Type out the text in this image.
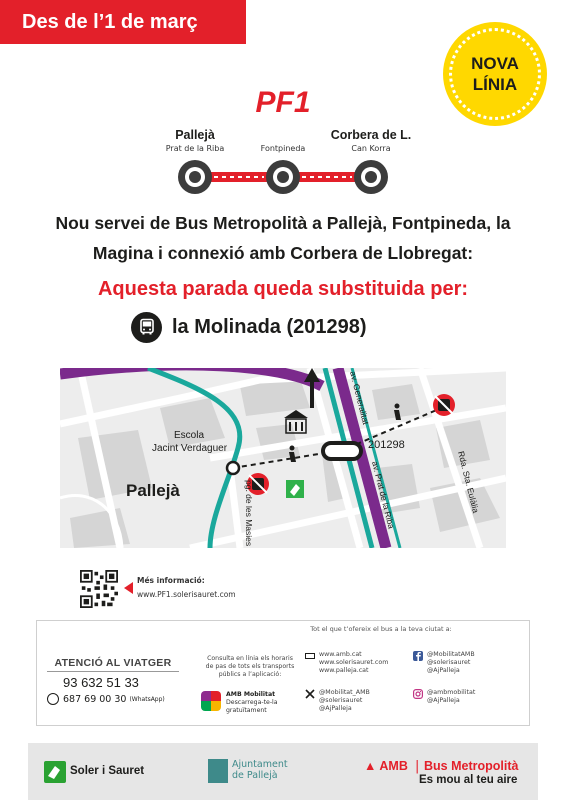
Des de l’1 de març
NOVA
LÍNIA
PF1
Pallejà
Prat de la Riba	Fontpineda
Corbera de L.
Can Korra
Nou servei de Bus Metropolità a Pallejà, Fontpineda, la
Magina i connexió amb Corbera de Llobregat:
Aquesta parada queda substituida per:
la Molinada (201298)
Escola
Jacint Verdaguer
Pallejà
201298
av. Generalitat
av. Prat de la Riba
pg. de les Masies	Rda. Sta. Eulàlia
Més informació:
www.PF1.solerisauret.com
Tot el que t’ofereix el bus a la teva ciutat a:
ATENCIÓ AL VIATGER
93 632 51 33
687 69 00 30 (WhatsApp)
Consulta en línia els horaris
de pas de tots els transports
públics a l’aplicació:
AMB Mobilitat
Descarrega-te-la
gratuïtament
www.amb.cat
www.solerisauret.com
www.palleja.cat
@Mobilitat_AMB
@solerisauret
@AjPalleja
@MobilitatAMB
@solerisauret
@AjPalleja
@ambmobilitat
@AjPalleja
Soler i Sauret
Ajuntament
de Pallejà
▲ AMB | Bus Metropolità
Es mou al teu aire
